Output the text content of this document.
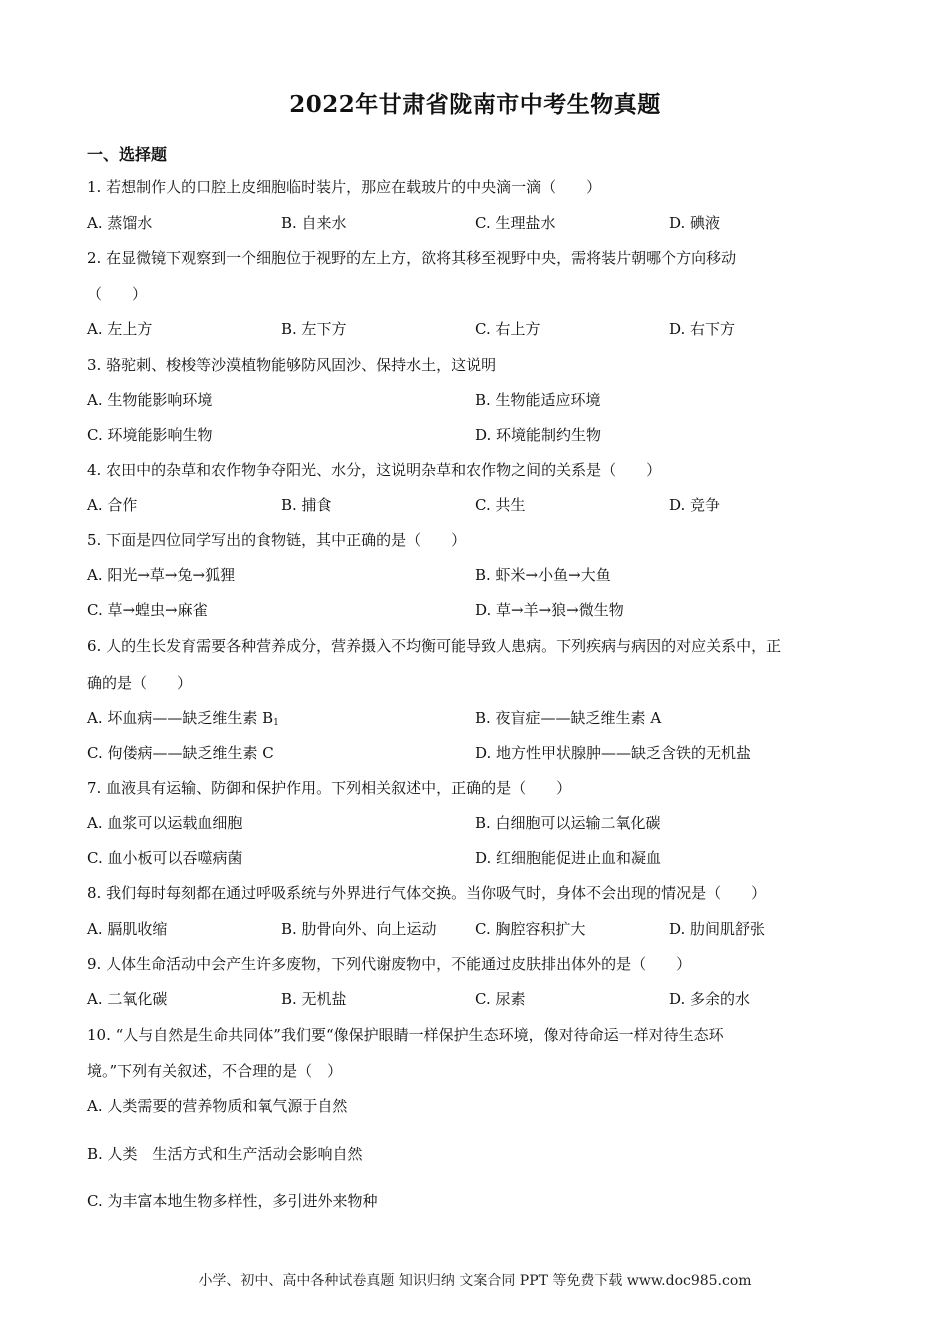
2022年甘肃省陇南市中考生物真题
一、选择题
1. 若想制作人的口腔上皮细胞临时装片，那应在载玻片的中央滴一滴（　　）
A. 蒸馏水	B. 自来水	C. 生理盐水	D. 碘液
2. 在显微镜下观察到一个细胞位于视野的左上方，欲将其移至视野中央，需将装片朝哪个方向移动
（　　）
A. 左上方	B. 左下方	C. 右上方	D. 右下方
3. 骆驼刺、梭梭等沙漠植物能够防风固沙、保持水土，这说明
A. 生物能影响环境	B. 生物能适应环境
C. 环境能影响生物	D. 环境能制约生物
4. 农田中的杂草和农作物争夺阳光、水分，这说明杂草和农作物之间的关系是（　　）
A. 合作	B. 捕食	C. 共生	D. 竞争
5. 下面是四位同学写出的食物链，其中正确的是（　　）
A. 阳光→草→兔→狐狸	B. 虾米→小鱼→大鱼
C. 草→蝗虫→麻雀	D. 草→羊→狼→微生物
6. 人的生长发育需要各种营养成分，营养摄入不均衡可能导致人患病。下列疾病与病因的对应关系中，正
确的是（　　）
A. 坏血病——缺乏维生素 $B_1$	B. 夜盲症——缺乏维生素 A
C. 佝偻病——缺乏维生素 C	D. 地方性甲状腺肿——缺乏含铁的无机盐
7. 血液具有运输、防御和保护作用。下列相关叙述中，正确的是（　　）
A. 血浆可以运载血细胞	B. 白细胞可以运输二氧化碳
C. 血小板可以吞噬病菌	D. 红细胞能促进止血和凝血
8. 我们每时每刻都在通过呼吸系统与外界进行气体交换。当你吸气时，身体不会出现的情况是（　　）
A. 膈肌收缩	B. 肋骨向外、向上运动	C. 胸腔容积扩大	D. 肋间肌舒张
9. 人体生命活动中会产生许多废物，下列代谢废物中，不能通过皮肤排出体外的是（　　）
A. 二氧化碳	B. 无机盐	C. 尿素	D. 多余的水
10. “人与自然是生命共同体”我们要“像保护眼睛一样保护生态环境，像对待命运一样对待生态环
境。”下列有关叙述，不合理的是（　）
A. 人类需要的营养物质和氧气源于自然
B. 人类　生活方式和生产活动会影响自然
C. 为丰富本地生物多样性，多引进外来物种
小学、初中、高中各种试卷真题 知识归纳 文案合同 PPT 等免费下载 www.doc985.com
